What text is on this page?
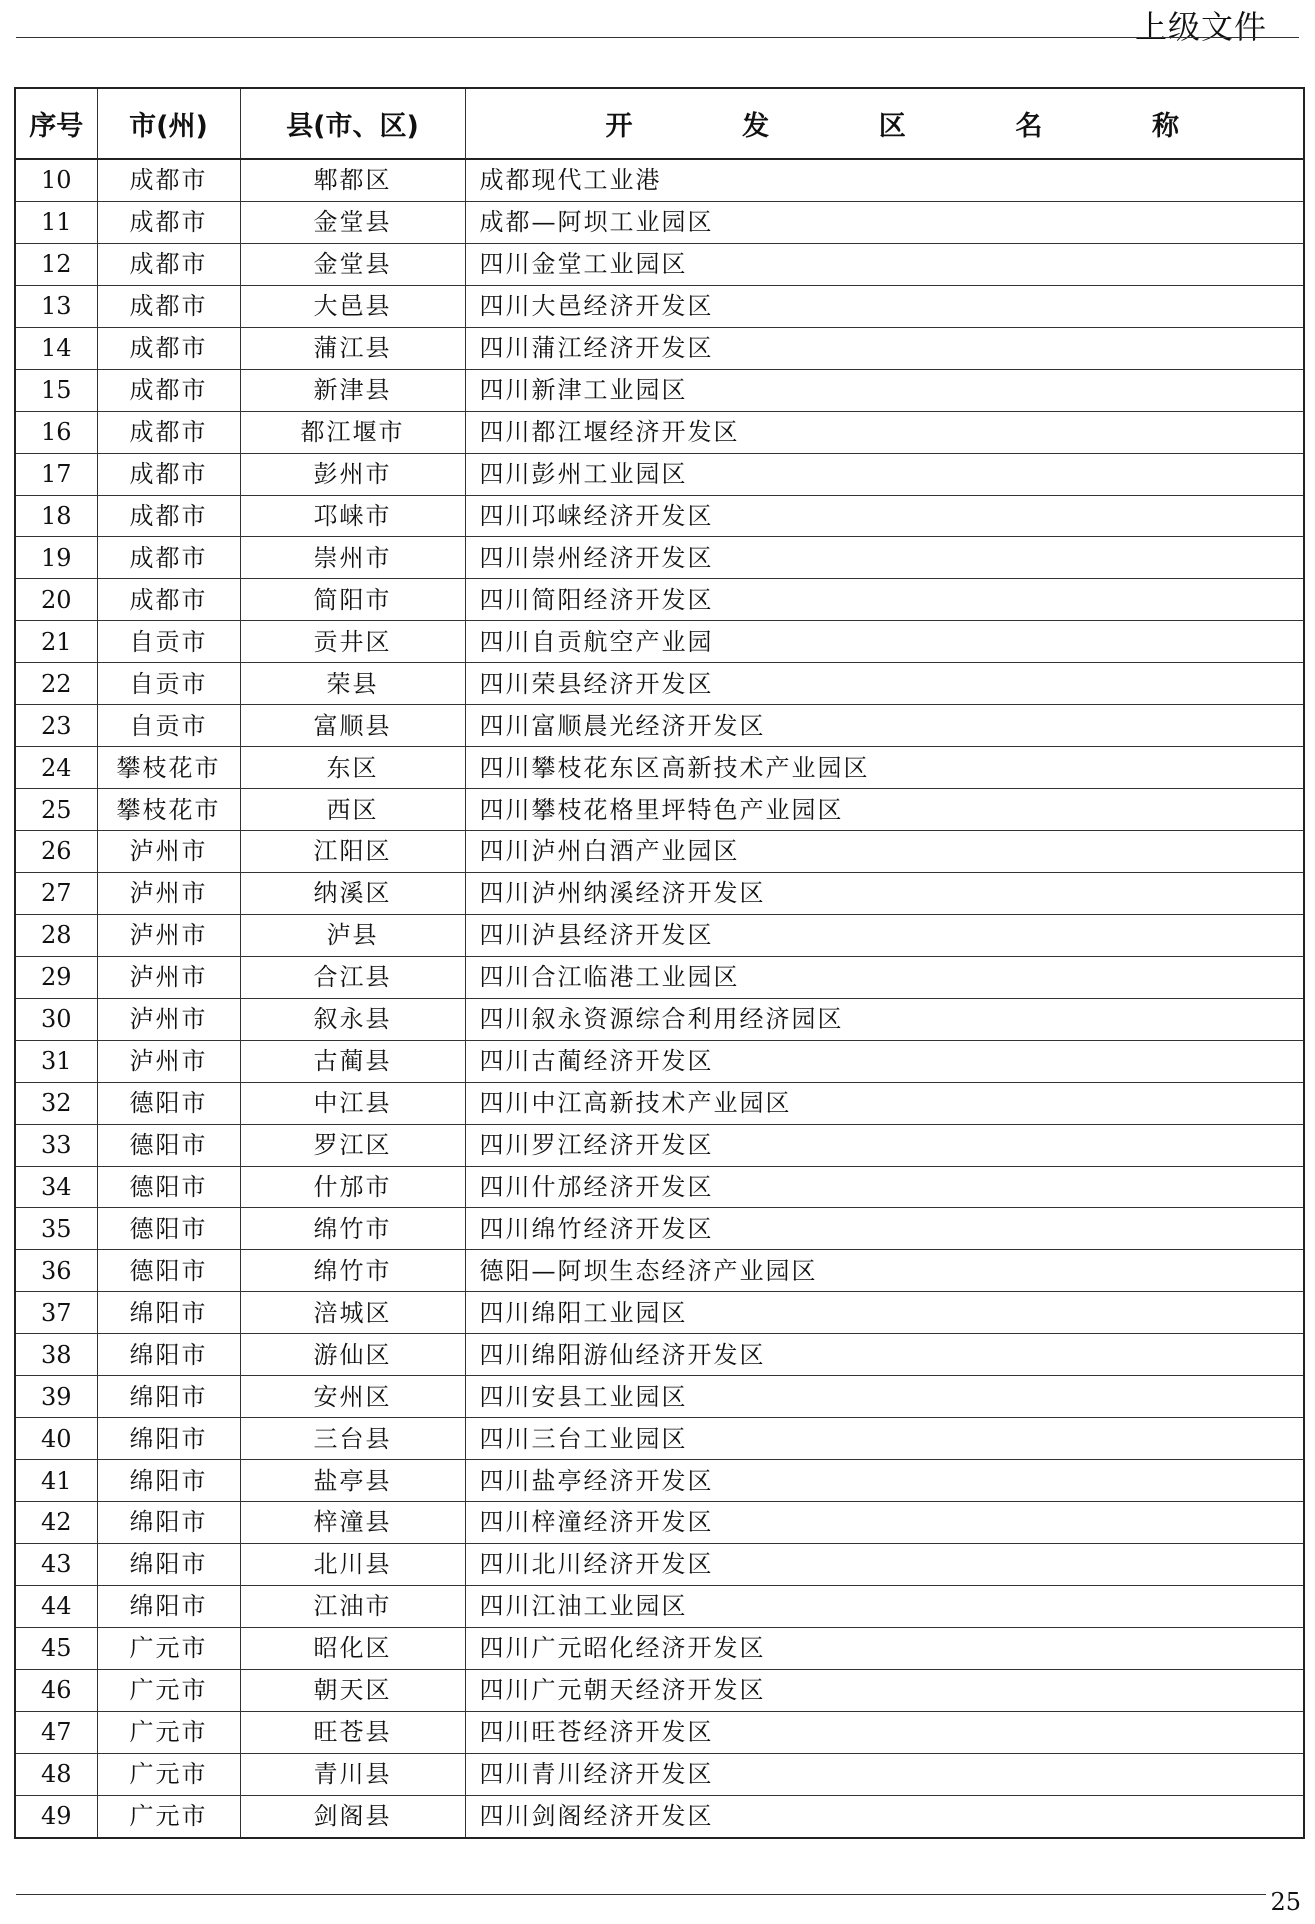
上级文件
序号	市(州)	县(市、区)	开 发 区 名 称

10	成都市	郫都区	成都现代工业港
11	成都市	金堂县	成都—阿坝工业园区
12	成都市	金堂县	四川金堂工业园区
13	成都市	大邑县	四川大邑经济开发区
14	成都市	蒲江县	四川蒲江经济开发区
15	成都市	新津县	四川新津工业园区
16	成都市	都江堰市	四川都江堰经济开发区
17	成都市	彭州市	四川彭州工业园区
18	成都市	邛崃市	四川邛崃经济开发区
19	成都市	崇州市	四川崇州经济开发区
20	成都市	简阳市	四川简阳经济开发区
21	自贡市	贡井区	四川自贡航空产业园
22	自贡市	荣县	四川荣县经济开发区
23	自贡市	富顺县	四川富顺晨光经济开发区
24	攀枝花市	东区	四川攀枝花东区高新技术产业园区
25	攀枝花市	西区	四川攀枝花格里坪特色产业园区
26	泸州市	江阳区	四川泸州白酒产业园区
27	泸州市	纳溪区	四川泸州纳溪经济开发区
28	泸州市	泸县	四川泸县经济开发区
29	泸州市	合江县	四川合江临港工业园区
30	泸州市	叙永县	四川叙永资源综合利用经济园区
31	泸州市	古蔺县	四川古蔺经济开发区
32	德阳市	中江县	四川中江高新技术产业园区
33	德阳市	罗江区	四川罗江经济开发区
34	德阳市	什邡市	四川什邡经济开发区
35	德阳市	绵竹市	四川绵竹经济开发区
36	德阳市	绵竹市	德阳—阿坝生态经济产业园区
37	绵阳市	涪城区	四川绵阳工业园区
38	绵阳市	游仙区	四川绵阳游仙经济开发区
39	绵阳市	安州区	四川安县工业园区
40	绵阳市	三台县	四川三台工业园区
41	绵阳市	盐亭县	四川盐亭经济开发区
42	绵阳市	梓潼县	四川梓潼经济开发区
43	绵阳市	北川县	四川北川经济开发区
44	绵阳市	江油市	四川江油工业园区
45	广元市	昭化区	四川广元昭化经济开发区
46	广元市	朝天区	四川广元朝天经济开发区
47	广元市	旺苍县	四川旺苍经济开发区
48	广元市	青川县	四川青川经济开发区
49	广元市	剑阁县	四川剑阁经济开发区
25
